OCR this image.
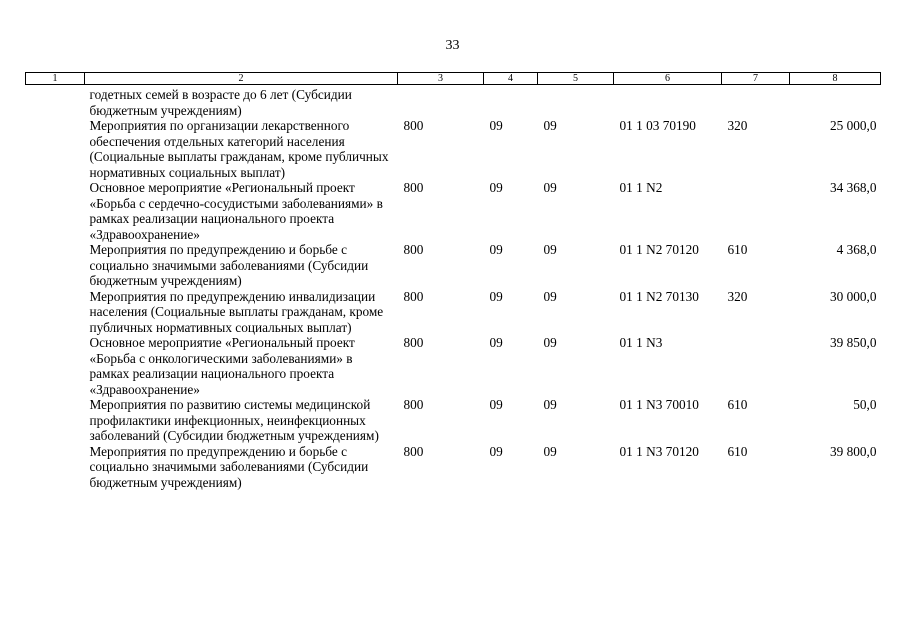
33
1	2	3	4	5	6	7	8
	годетных семей в возрасте до 6 лет (Субсидии бюджетным учреждениям)						
	Мероприятия по организации лекарственного обеспечения отдельных категорий населения (Социальные выплаты гражданам, кроме публичных нормативных социальных выплат)	800	09	09	01 1 03 70190	320	25 000,0
	Основное мероприятие «Региональный проект «Борьба с сердечно-сосудистыми заболеваниями» в рамках реализации национального проекта «Здравоохранение»	800	09	09	01 1 N2		34 368,0
	Мероприятия по предупреждению и борьбе с социально значимыми заболеваниями (Субсидии бюджетным учреждениям)	800	09	09	01 1 N2 70120	610	4 368,0
	Мероприятия по предупреждению инвалидизации населения (Социальные выплаты гражданам, кроме публичных нормативных социальных выплат)	800	09	09	01 1 N2 70130	320	30 000,0
	Основное мероприятие «Региональный проект «Борьба с онкологическими заболеваниями» в рамках реализации национального проекта «Здравоохранение»	800	09	09	01 1 N3		39 850,0
	Мероприятия по развитию системы медицинской профилактики инфекционных, неинфекционных заболеваний (Субсидии бюджетным учреждениям)	800	09	09	01 1 N3 70010	610	50,0
	Мероприятия по предупреждению и борьбе с социально значимыми заболеваниями (Субсидии бюджетным учреждениям)	800	09	09	01 1 N3 70120	610	39 800,0
